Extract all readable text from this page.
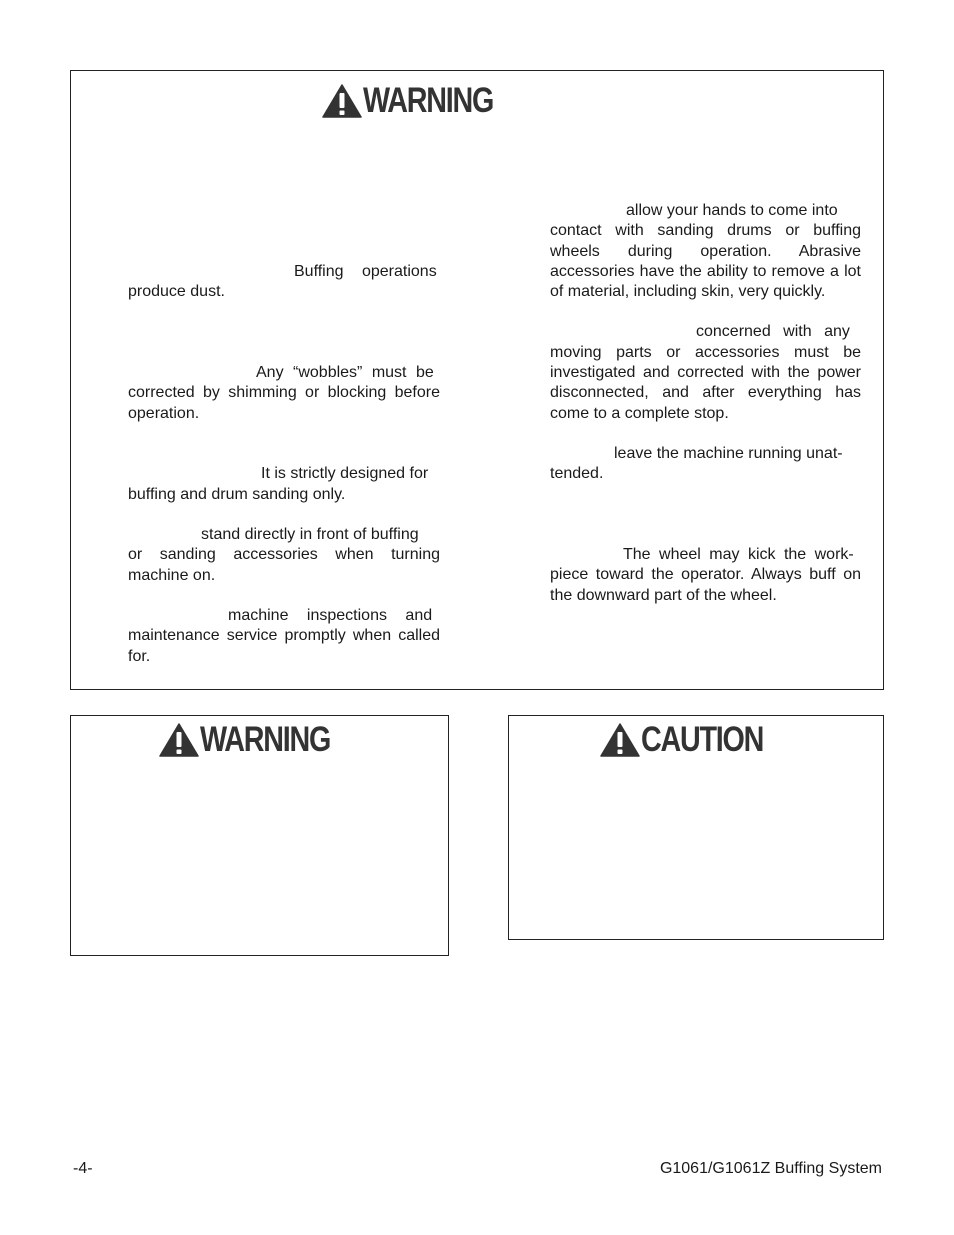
WARNING

Buffing operations
produce dust.

Any “wobbles” must be
corrected by shimming or blocking before operation.

It is strictly designed for
buffing and drum sanding only.

stand directly in front of buffing
or sanding accessories when turning machine on.

machine inspections and
maintenance service promptly when called for.

allow your hands to come into
contact with sanding drums or buffing wheels during operation. Abrasive accessories have the ability to remove a lot of material, including skin, very quickly.

concerned with any
moving parts or accessories must be investigated and corrected with the power disconnected, and after everything has come to a complete stop.

leave the machine running unat-
tended.

The wheel may kick the work-
piece toward the operator. Always buff on the downward part of the wheel.

WARNING	CAUTION
-4-	G1061/G1061Z Buffing System
